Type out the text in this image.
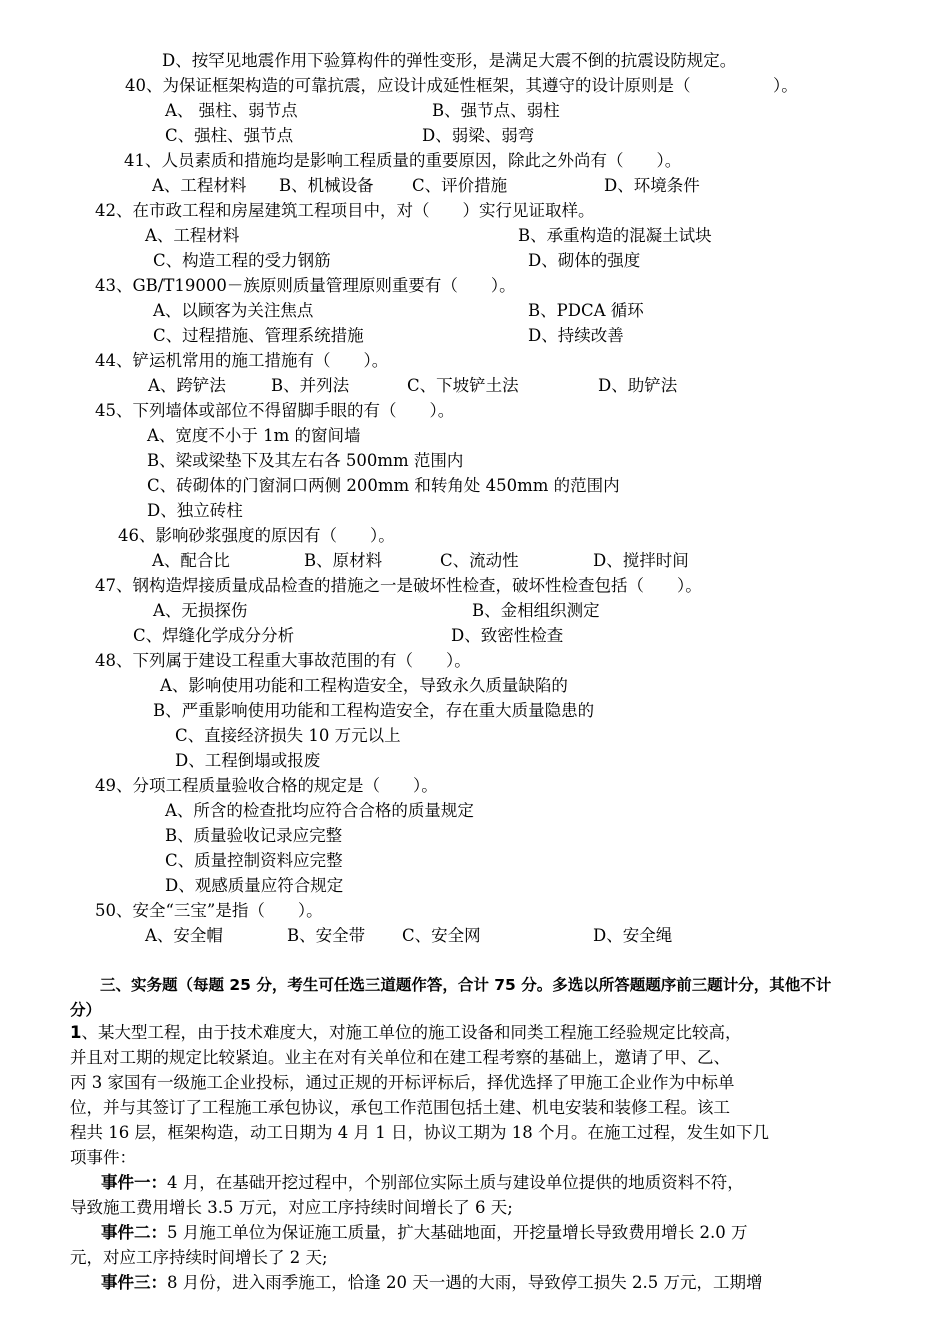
D、按罕见地震作用下验算构件的弹性变形，是满足大震不倒的抗震设防规定。
40、为保证框架构造的可靠抗震，应设计成延性框架，其遵守的设计原则是（　　　　　）。
A、 强柱、弱节点	B、强节点、弱柱
C、强柱、强节点	D、弱梁、弱弯
41、人员素质和措施均是影响工程质量的重要原因，除此之外尚有（　　）。
A、工程材料 B、机械设备 C、评价措施	D、环境条件
42、在市政工程和房屋建筑工程项目中，对（　　）实行见证取样。
A、工程材料	B、承重构造的混凝土试块
C、构造工程的受力钢筋	D、砌体的强度
43、GB/T19000－族原则质量管理原则重要有（　　）。
A、以顾客为关注焦点	B、PDCA 循环
C、过程措施、管理系统措施	D、持续改善
44、铲运机常用的施工措施有（　　）。
A、跨铲法	B、并列法	C、下坡铲土法	D、助铲法
45、下列墙体或部位不得留脚手眼的有（　　）。
A、宽度不小于 1m 的窗间墙
B、梁或梁垫下及其左右各 500mm 范围内
C、砖砌体的门窗洞口两侧 200mm 和转角处 450mm 的范围内
D、独立砖柱
46、影响砂浆强度的原因有（　　）。
A、配合比	B、原材料	C、流动性	D、搅拌时间
47、钢构造焊接质量成品检查的措施之一是破坏性检查，破坏性检查包括（　　）。
A、无损探伤	B、金相组织测定
C、焊缝化学成分分析	D、致密性检查
48、下列属于建设工程重大事故范围的有（　　）。
A、影响使用功能和工程构造安全，导致永久质量缺陷的
B、严重影响使用功能和工程构造安全，存在重大质量隐患的
C、直接经济损失 10 万元以上
D、工程倒塌或报废
49、分项工程质量验收合格的规定是（　　）。
A、所含的检查批均应符合合格的质量规定
B、质量验收记录应完整
C、质量控制资料应完整
D、观感质量应符合规定
50、安全“三宝”是指（　　）。
A、安全帽	B、安全带 C、安全网	D、安全绳
三、实务题（每题 25 分，考生可任选三道题作答，合计 75 分。多选以所答题题序前三题计分，其他不计
分）
1、某大型工程，由于技术难度大，对施工单位的施工设备和同类工程施工经验规定比较高，
并且对工期的规定比较紧迫。业主在对有关单位和在建工程考察的基础上，邀请了甲、乙、
丙 3 家国有一级施工企业投标，通过正规的开标评标后，择优选择了甲施工企业作为中标单
位，并与其签订了工程施工承包协议，承包工作范围包括土建、机电安装和装修工程。该工
程共 16 层，框架构造，动工日期为 4 月 1 日，协议工期为 18 个月。在施工过程，发生如下几
项事件：
事件一：4 月，在基础开挖过程中，个别部位实际土质与建设单位提供的地质资料不符，
导致施工费用增长 3.5 万元，对应工序持续时间增长了 6 天;
事件二：5 月施工单位为保证施工质量，扩大基础地面，开挖量增长导致费用增长 2.0 万
元，对应工序持续时间增长了 2 天;
事件三：8 月份，进入雨季施工，恰逢 20 天一遇的大雨，导致停工损失 2.5 万元，工期增
